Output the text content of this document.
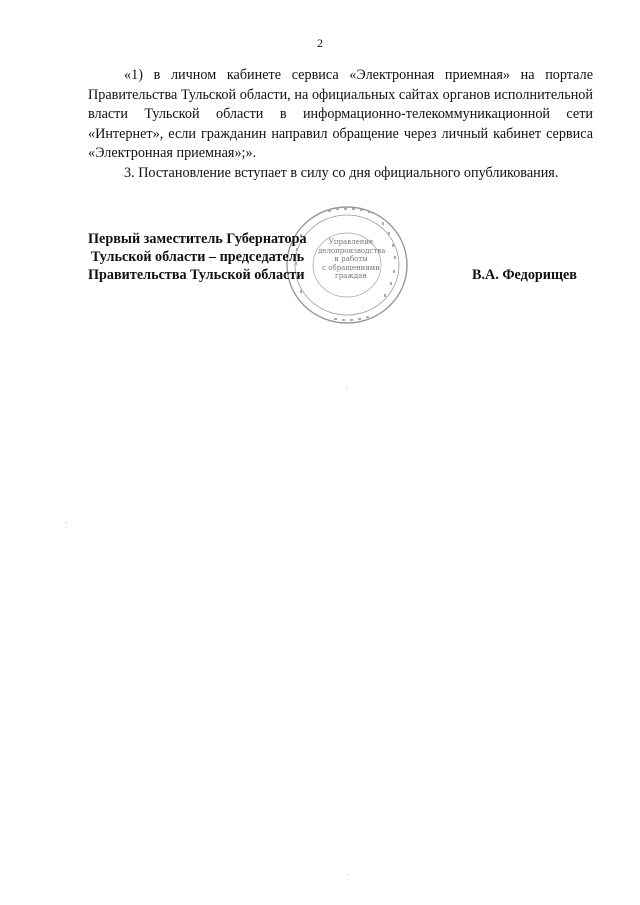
2

«1) в личном кабинете сервиса «Электронная приемная» на портале Правительства Тульской области, на официальных сайтах органов исполнительной власти Тульской области в информационно-телекоммуникационной сети «Интернет», если гражданин направил обращение через личный кабинет сервиса «Электронная приемная»;».

3. Постановление вступает в силу со дня официального опубликования.

Управление
делопроизводства
и работы
с обращениями
граждан
Первый заместитель Губернатора
Тульской области – председатель
Правительства Тульской области	В.А. Федорищев
